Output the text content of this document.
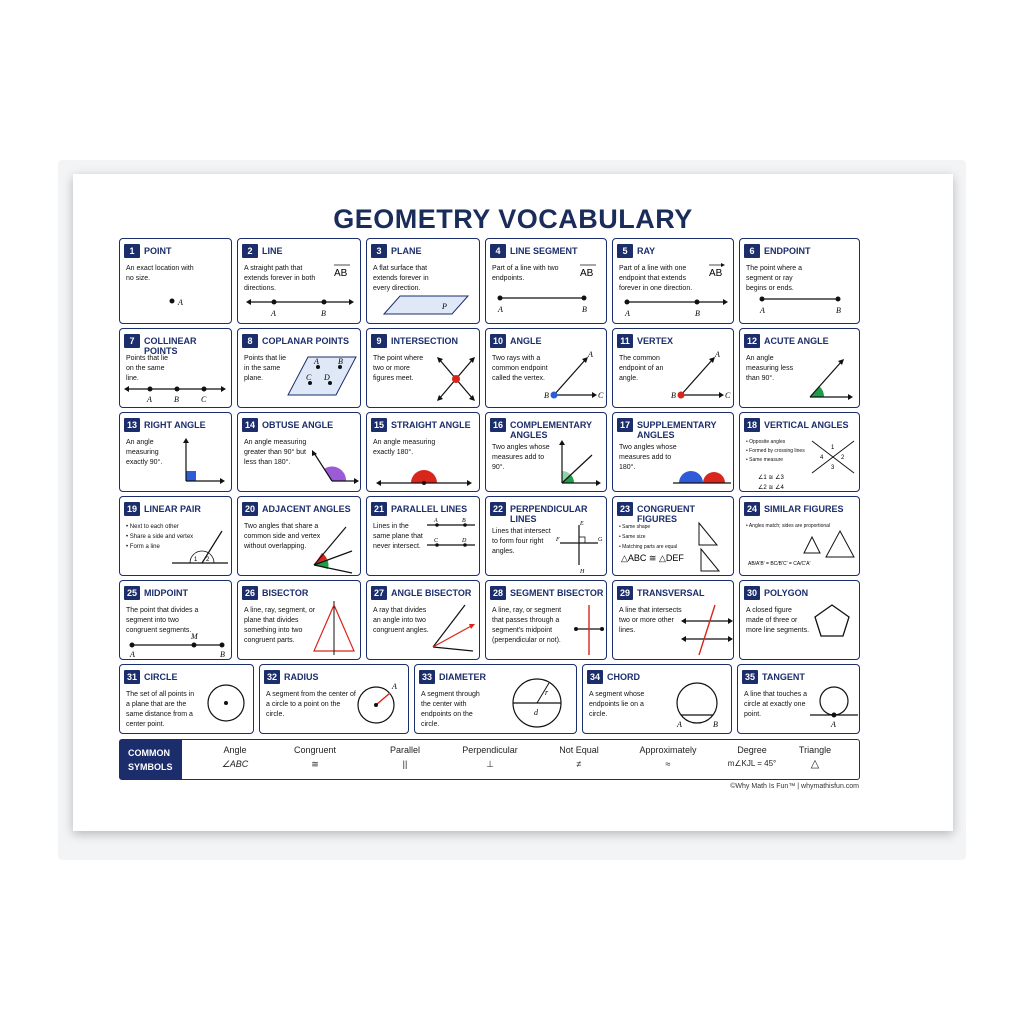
GEOMETRY VOCABULARY
1	POINT
An exact location with no size.
A
2	LINE
A straight path that extends forever in both directions.
AB
A	B
3	PLANE
A flat surface that extends forever in every direction.
P
4	LINE SEGMENT
Part of a line with two endpoints.	AB
A	B
5	RAY
Part of a line with one endpoint that extends forever in one direction.
AB
A	B
6	ENDPOINT
The point where a segment or ray begins or ends.
A	B
7	COLLINEAR POINTS
Points that lie on the same line.
A	B	C
8	COPLANAR POINTS
Points that lie in the same plane.
A B
C D
9	INTERSECTION
The point where two or more figures meet.
10 ANGLE
Two rays with a common endpoint called the vertex.
B
A
C
11 VERTEX
The common endpoint of an angle.
B
A
C
12 ACUTE ANGLE
An angle measuring less than 90°.
13 RIGHT ANGLE
An angle measuring exactly 90°.
14 OBTUSE ANGLE
An angle measuring greater than 90° but less than 180°.
15 STRAIGHT ANGLE
An angle measuring exactly 180°.
16 COMPLEMENTARY ANGLES
Two angles whose measures add to 90°.
17 SUPPLEMENTARY ANGLES
Two angles whose measures add to 180°.
18 VERTICAL ANGLES
• Opposite angles
• Formed by crossing lines
• Same measure
1
2
3
4
∠1 ≅ ∠3
∠2 ≅ ∠4
19 LINEAR PAIR
• Next to each other
• Share a side and vertex
• Form a line
1 2
20 ADJACENT ANGLES
Two angles that share a common side and vertex without overlapping.
21 PARALLEL LINES
Lines in the same plane that never intersect.
A	B
C	D
22 PERPENDICULAR LINES
Lines that intersect to form four right angles.
E
F	G
H
23 CONGRUENT FIGURES
• Same shape
• Same size
• Matching parts are equal
△ABC ≅ △DEF
24 SIMILAR FIGURES
• Angles match; sides are proportional
AB/A'B' = BC/B'C' = CA/C'A'
25 MIDPOINT
The point that divides a segment into two congruent segments.
M
A	B
26 BISECTOR
A line, ray, segment, or plane that divides something into two congruent parts.
27 ANGLE BISECTOR
A ray that divides an angle into two congruent angles.
28 SEGMENT BISECTOR
A line, ray, or segment that passes through a segment's midpoint (perpendicular or not).
29 TRANSVERSAL
A line that intersects two or more other lines.
30 POLYGON
A closed figure made of three or more line segments.
31 CIRCLE
The set of all points in a plane that are the same distance from a center point.
32 RADIUS
A segment from the center of a circle to a point on the circle.
A
33 DIAMETER
A segment through the center with endpoints on the circle.
r
d
34 CHORD
A segment whose endpoints lie on a circle.
A	B
35 TANGENT
A line that touches a circle at exactly one point.
A
COMMON
SYMBOLS
Angle
∠ABC
Congruent
≅
Parallel
||
Perpendicular
⊥
Not Equal
≠
Approximately
≈
Degree
m∠KJL = 45°
Triangle
△
©Why Math Is Fun™ | whymathisfun.com
